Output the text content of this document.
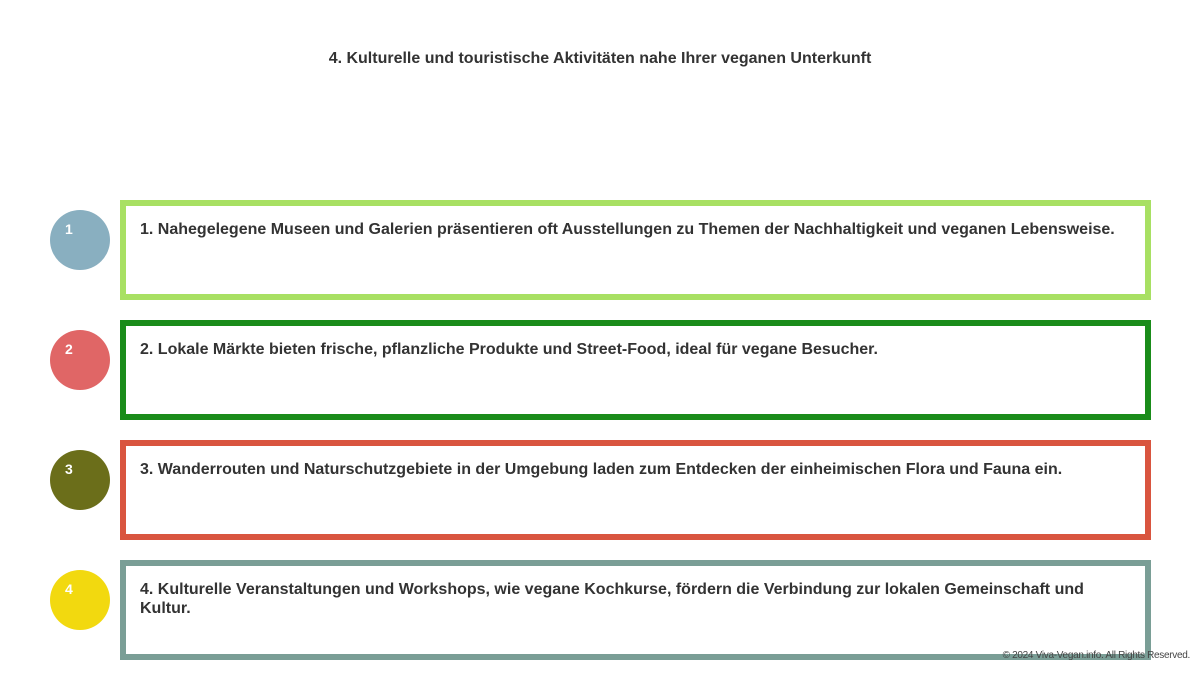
4. Kulturelle und touristische Aktivitäten nahe Ihrer veganen Unterkunft
1	1. Nahegelegene Museen und Galerien präsentieren oft Ausstellungen zu Themen der Nachhaltigkeit und veganen Lebensweise.
2	2. Lokale Märkte bieten frische, pflanzliche Produkte und Street-Food, ideal für vegane Besucher.
3	3. Wanderrouten und Naturschutzgebiete in der Umgebung laden zum Entdecken der einheimischen Flora und Fauna ein.
4	4. Kulturelle Veranstaltungen und Workshops, wie vegane Kochkurse, fördern die Verbindung zur lokalen Gemeinschaft und Kultur.
© 2024 Viva-Vegan.info. All Rights Reserved.
